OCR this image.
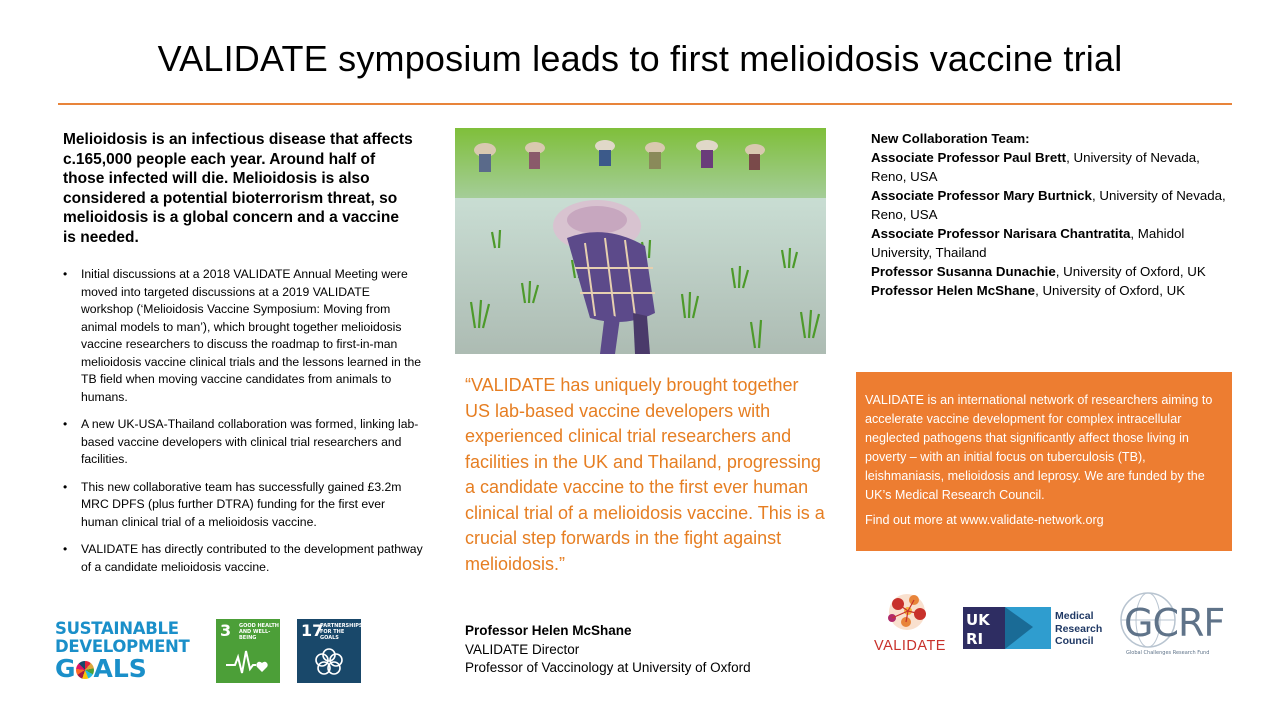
VALIDATE symposium leads to first melioidosis vaccine trial

Melioidosis is an infectious disease that affects c.165,000 people each year. Around half of those infected will die. Melioidosis is also considered a potential bioterrorism threat, so melioidosis is a global concern and a vaccine is needed.

• Initial discussions at a 2018 VALIDATE Annual Meeting were moved into targeted discussions at a 2019 VALIDATE workshop (‘Melioidosis Vaccine Symposium: Moving from animal models to man’), which brought together melioidosis vaccine researchers to discuss the roadmap to first-in-man melioidosis vaccine clinical trials and the lessons learned in the TB field when moving vaccine candidates from animals to humans.
• A new UK-USA-Thailand collaboration was formed, linking lab-based vaccine developers with clinical trial researchers and facilities.
• This new collaborative team has successfully gained £3.2m MRC DPFS (plus further DTRA) funding for the first ever human clinical trial of a melioidosis vaccine.
• VALIDATE has directly contributed to the development pathway of a candidate melioidosis vaccine.
SUSTAINABLE
DEVELOPMENT
G ALS
3 GOOD HEALTH AND WELL-BEING	17
PARTNERSHIPS FOR THE GOALS

“VALIDATE has uniquely brought together US lab-based vaccine developers with experienced clinical trial researchers and facilities in the UK and Thailand, progressing a candidate vaccine to the first ever human clinical trial of a melioidosis vaccine. This is a crucial step forwards in the fight against melioidosis.”

Professor Helen McShane
VALIDATE Director
Professor of Vaccinology at University of Oxford
New Collaboration Team:
Associate Professor Paul Brett, University of Nevada, Reno, USA
Associate Professor Mary Burtnick, University of Nevada, Reno, USA
Associate Professor Narisara Chantratita, Mahidol University, Thailand
Professor Susanna Dunachie, University of Oxford, UK
Professor Helen McShane, University of Oxford, UK

VALIDATE is an international network of researchers aiming to accelerate vaccine development for complex intracellular neglected pathogens that significantly affect those living in poverty – with an initial focus on tuberculosis (TB), leishmaniasis, melioidosis and leprosy. We are funded by the UK’s Medical Research Council.

Find out more at www.validate-network.org

VALIDATE
UK
RI
Medical
Research
Council GCRF
Global Challenges Research Fund
